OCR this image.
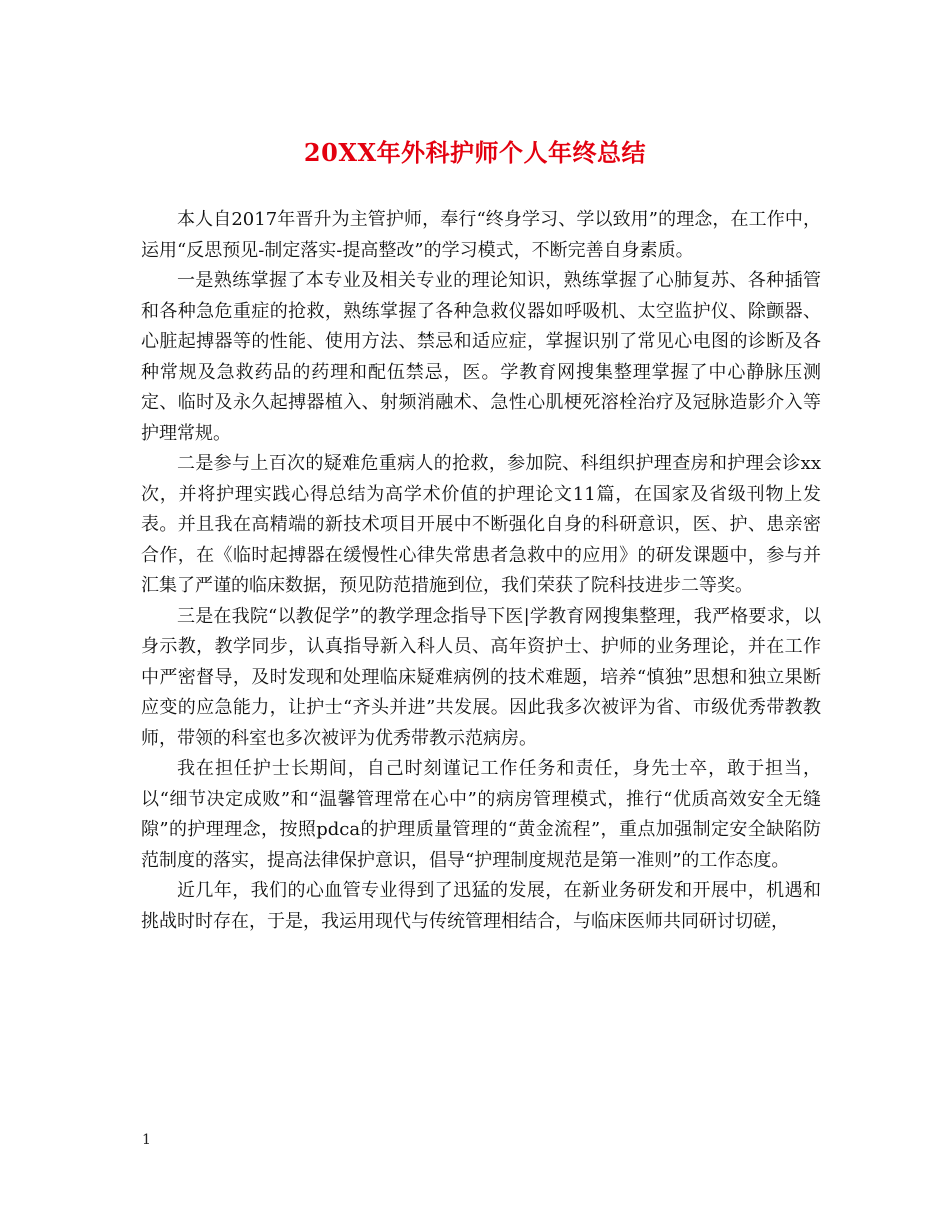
20XX年外科护师个人年终总结

本人自2017年晋升为主管护师，奉行“终身学习、学以致用”的理念，在工作中，运用“反思预见-制定落实-提高整改”的学习模式，不断完善自身素质。

一是熟练掌握了本专业及相关专业的理论知识，熟练掌握了心肺复苏、各种插管和各种急危重症的抢救，熟练掌握了各种急救仪器如呼吸机、太空监护仪、除颤器、心脏起搏器等的性能、使用方法、禁忌和适应症，掌握识别了常见心电图的诊断及各种常规及急救药品的药理和配伍禁忌，医。学教育网搜集整理掌握了中心静脉压测定、临时及永久起搏器植入、射频消融术、急性心肌梗死溶栓治疗及冠脉造影介入等护理常规。

二是参与上百次的疑难危重病人的抢救，参加院、科组织护理查房和护理会诊xx次，并将护理实践心得总结为高学术价值的护理论文11篇，在国家及省级刊物上发表。并且我在高精端的新技术项目开展中不断强化自身的科研意识，医、护、患亲密合作，在《临时起搏器在缓慢性心律失常患者急救中的应用》的研发课题中，参与并汇集了严谨的临床数据，预见防范措施到位，我们荣获了院科技进步二等奖。

三是在我院“以教促学”的教学理念指导下医|学教育网搜集整理，我严格要求，以身示教，教学同步，认真指导新入科人员、高年资护士、护师的业务理论，并在工作中严密督导，及时发现和处理临床疑难病例的技术难题，培养“慎独”思想和独立果断应变的应急能力，让护士“齐头并进”共发展。因此我多次被评为省、市级优秀带教教师，带领的科室也多次被评为优秀带教示范病房。

我在担任护士长期间，自己时刻谨记工作任务和责任，身先士卒，敢于担当，以“细节决定成败”和“温馨管理常在心中”的病房管理模式，推行“优质高效安全无缝隙”的护理理念，按照pdca的护理质量管理的“黄金流程”，重点加强制定安全缺陷防范制度的落实，提高法律保护意识，倡导“护理制度规范是第一准则”的工作态度。

近几年，我们的心血管专业得到了迅猛的发展，在新业务研发和开展中，机遇和挑战时时存在，于是，我运用现代与传统管理相结合，与临床医师共同研讨切磋，

1
